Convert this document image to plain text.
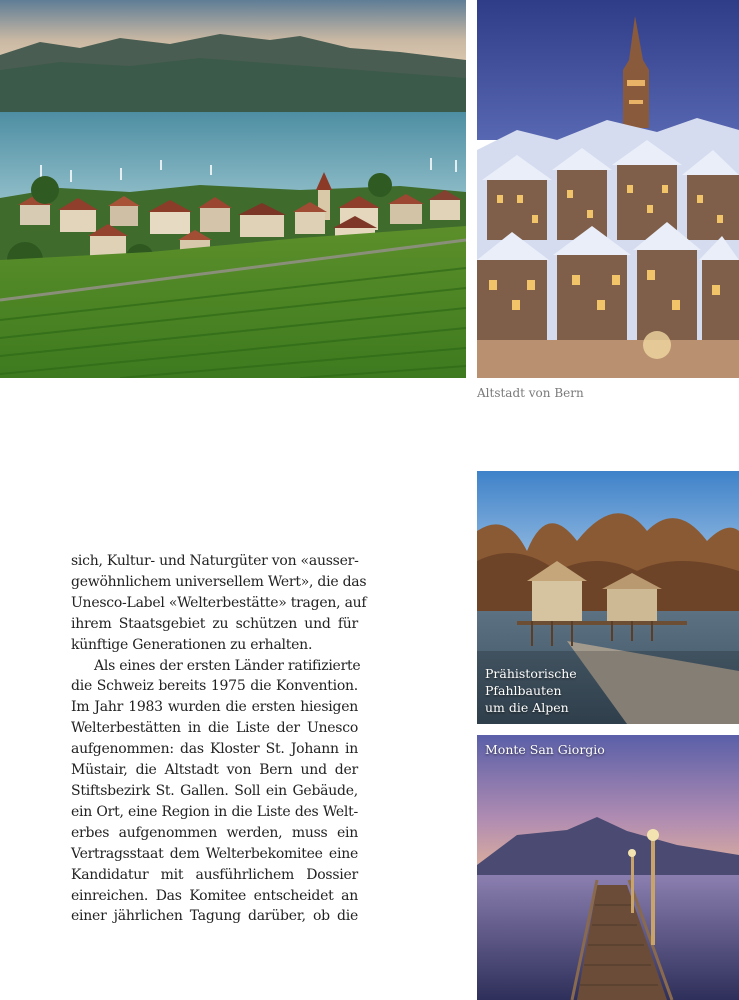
Altstadt von Bern
Prähistorische
Pfahlbauten
um die Alpen
Monte San Giorgio
sich, Kultur- und Naturgüter von «ausser-
gewöhnlichem universellem Wert», die das
Unesco-Label «Welterbestätte» tragen, auf
ihrem Staatsgebiet zu schützen und für
künftige Generationen zu erhalten.
Als eines der ersten Länder ratifizierte
die Schweiz bereits 1975 die Konvention.
Im Jahr 1983 wurden die ersten hiesigen
Welterbestätten in die Liste der Unesco
aufgenommen: das Kloster St. Johann in
Müstair, die Altstadt von Bern und der
Stiftsbezirk St. Gallen. Soll ein Gebäude,
ein Ort, eine Region in die Liste des Welt-
erbes aufgenommen werden, muss ein
Vertragsstaat dem Welterbekomitee eine
Kandidatur mit ausführlichem Dossier
einreichen. Das Komitee entscheidet an
einer jährlichen Tagung darüber, ob die
